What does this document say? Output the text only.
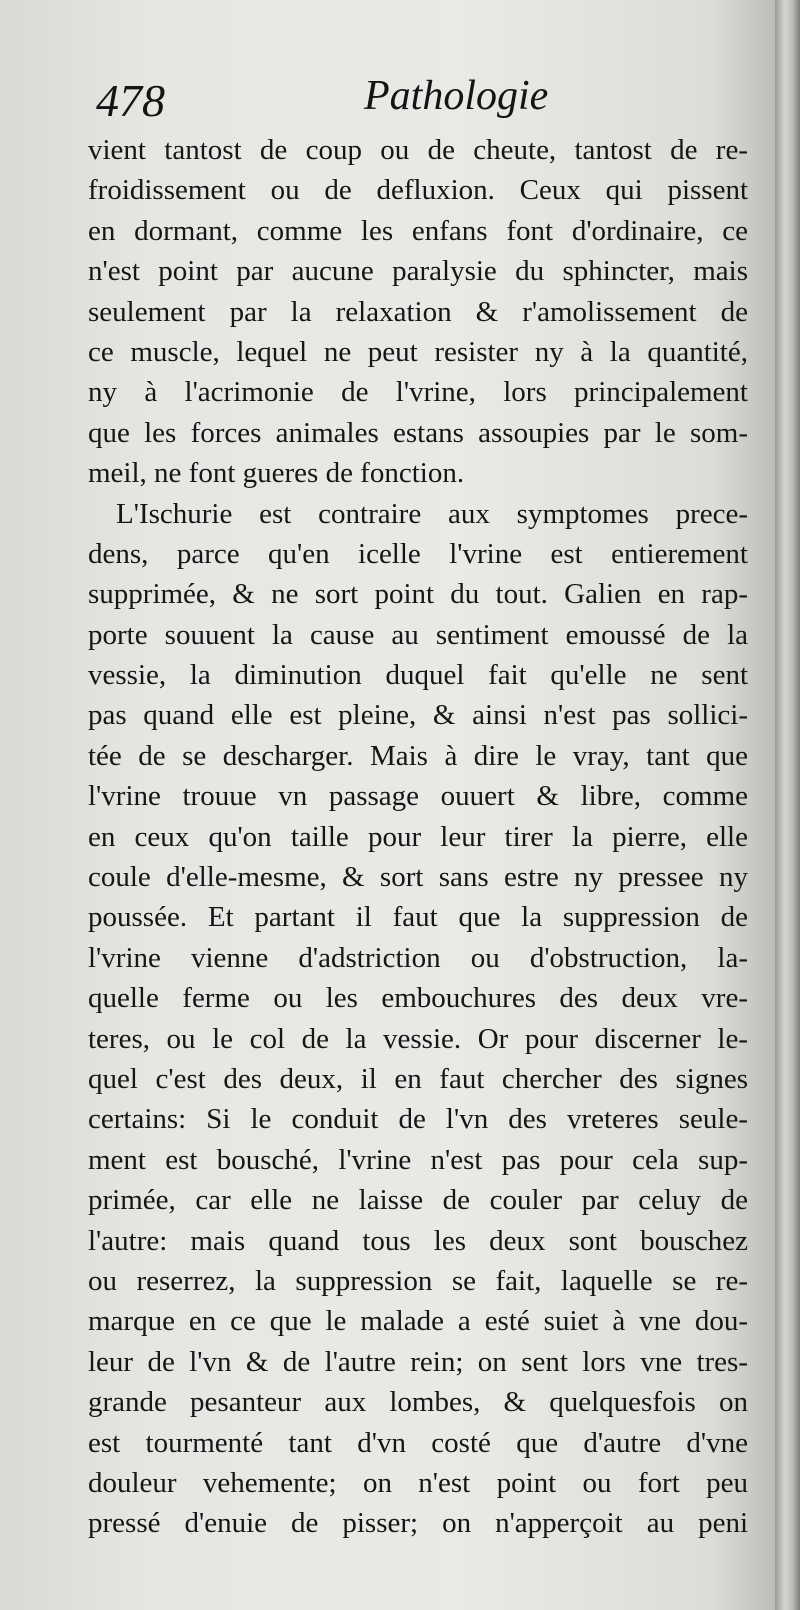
478	Pathologie
vient tantost de coup ou de cheute, tantost de re-
froidissement ou de defluxion. Ceux qui pissent
en dormant, comme les enfans font d'ordinaire, ce
n'est point par aucune paralysie du sphincter, mais
seulement par la relaxation & r'amolissement de
ce muscle, lequel ne peut resister ny à la quantité,
ny à l'acrimonie de l'vrine, lors principalement
que les forces animales estans assoupies par le som-
meil, ne font gueres de fonction.
L'Ischurie est contraire aux symptomes prece-
dens, parce qu'en icelle l'vrine est entierement
supprimée, & ne sort point du tout. Galien en rap-
porte souuent la cause au sentiment emoussé de la
vessie, la diminution duquel fait qu'elle ne sent
pas quand elle est pleine, & ainsi n'est pas sollici-
tée de se descharger. Mais à dire le vray, tant que
l'vrine trouue vn passage ouuert & libre, comme
en ceux qu'on taille pour leur tirer la pierre, elle
coule d'elle-mesme, & sort sans estre ny pressee ny
poussée. Et partant il faut que la suppression de
l'vrine vienne d'adstriction ou d'obstruction, la-
quelle ferme ou les embouchures des deux vre-
teres, ou le col de la vessie. Or pour discerner le-
quel c'est des deux, il en faut chercher des signes
certains: Si le conduit de l'vn des vreteres seule-
ment est bousché, l'vrine n'est pas pour cela sup-
primée, car elle ne laisse de couler par celuy de
l'autre: mais quand tous les deux sont bouschez
ou reserrez, la suppression se fait, laquelle se re-
marque en ce que le malade a esté suiet à vne dou-
leur de l'vn & de l'autre rein; on sent lors vne tres-
grande pesanteur aux lombes, & quelquesfois on
est tourmenté tant d'vn costé que d'autre d'vne
douleur vehemente; on n'est point ou fort peu
pressé d'enuie de pisser; on n'apperçoit au peni
